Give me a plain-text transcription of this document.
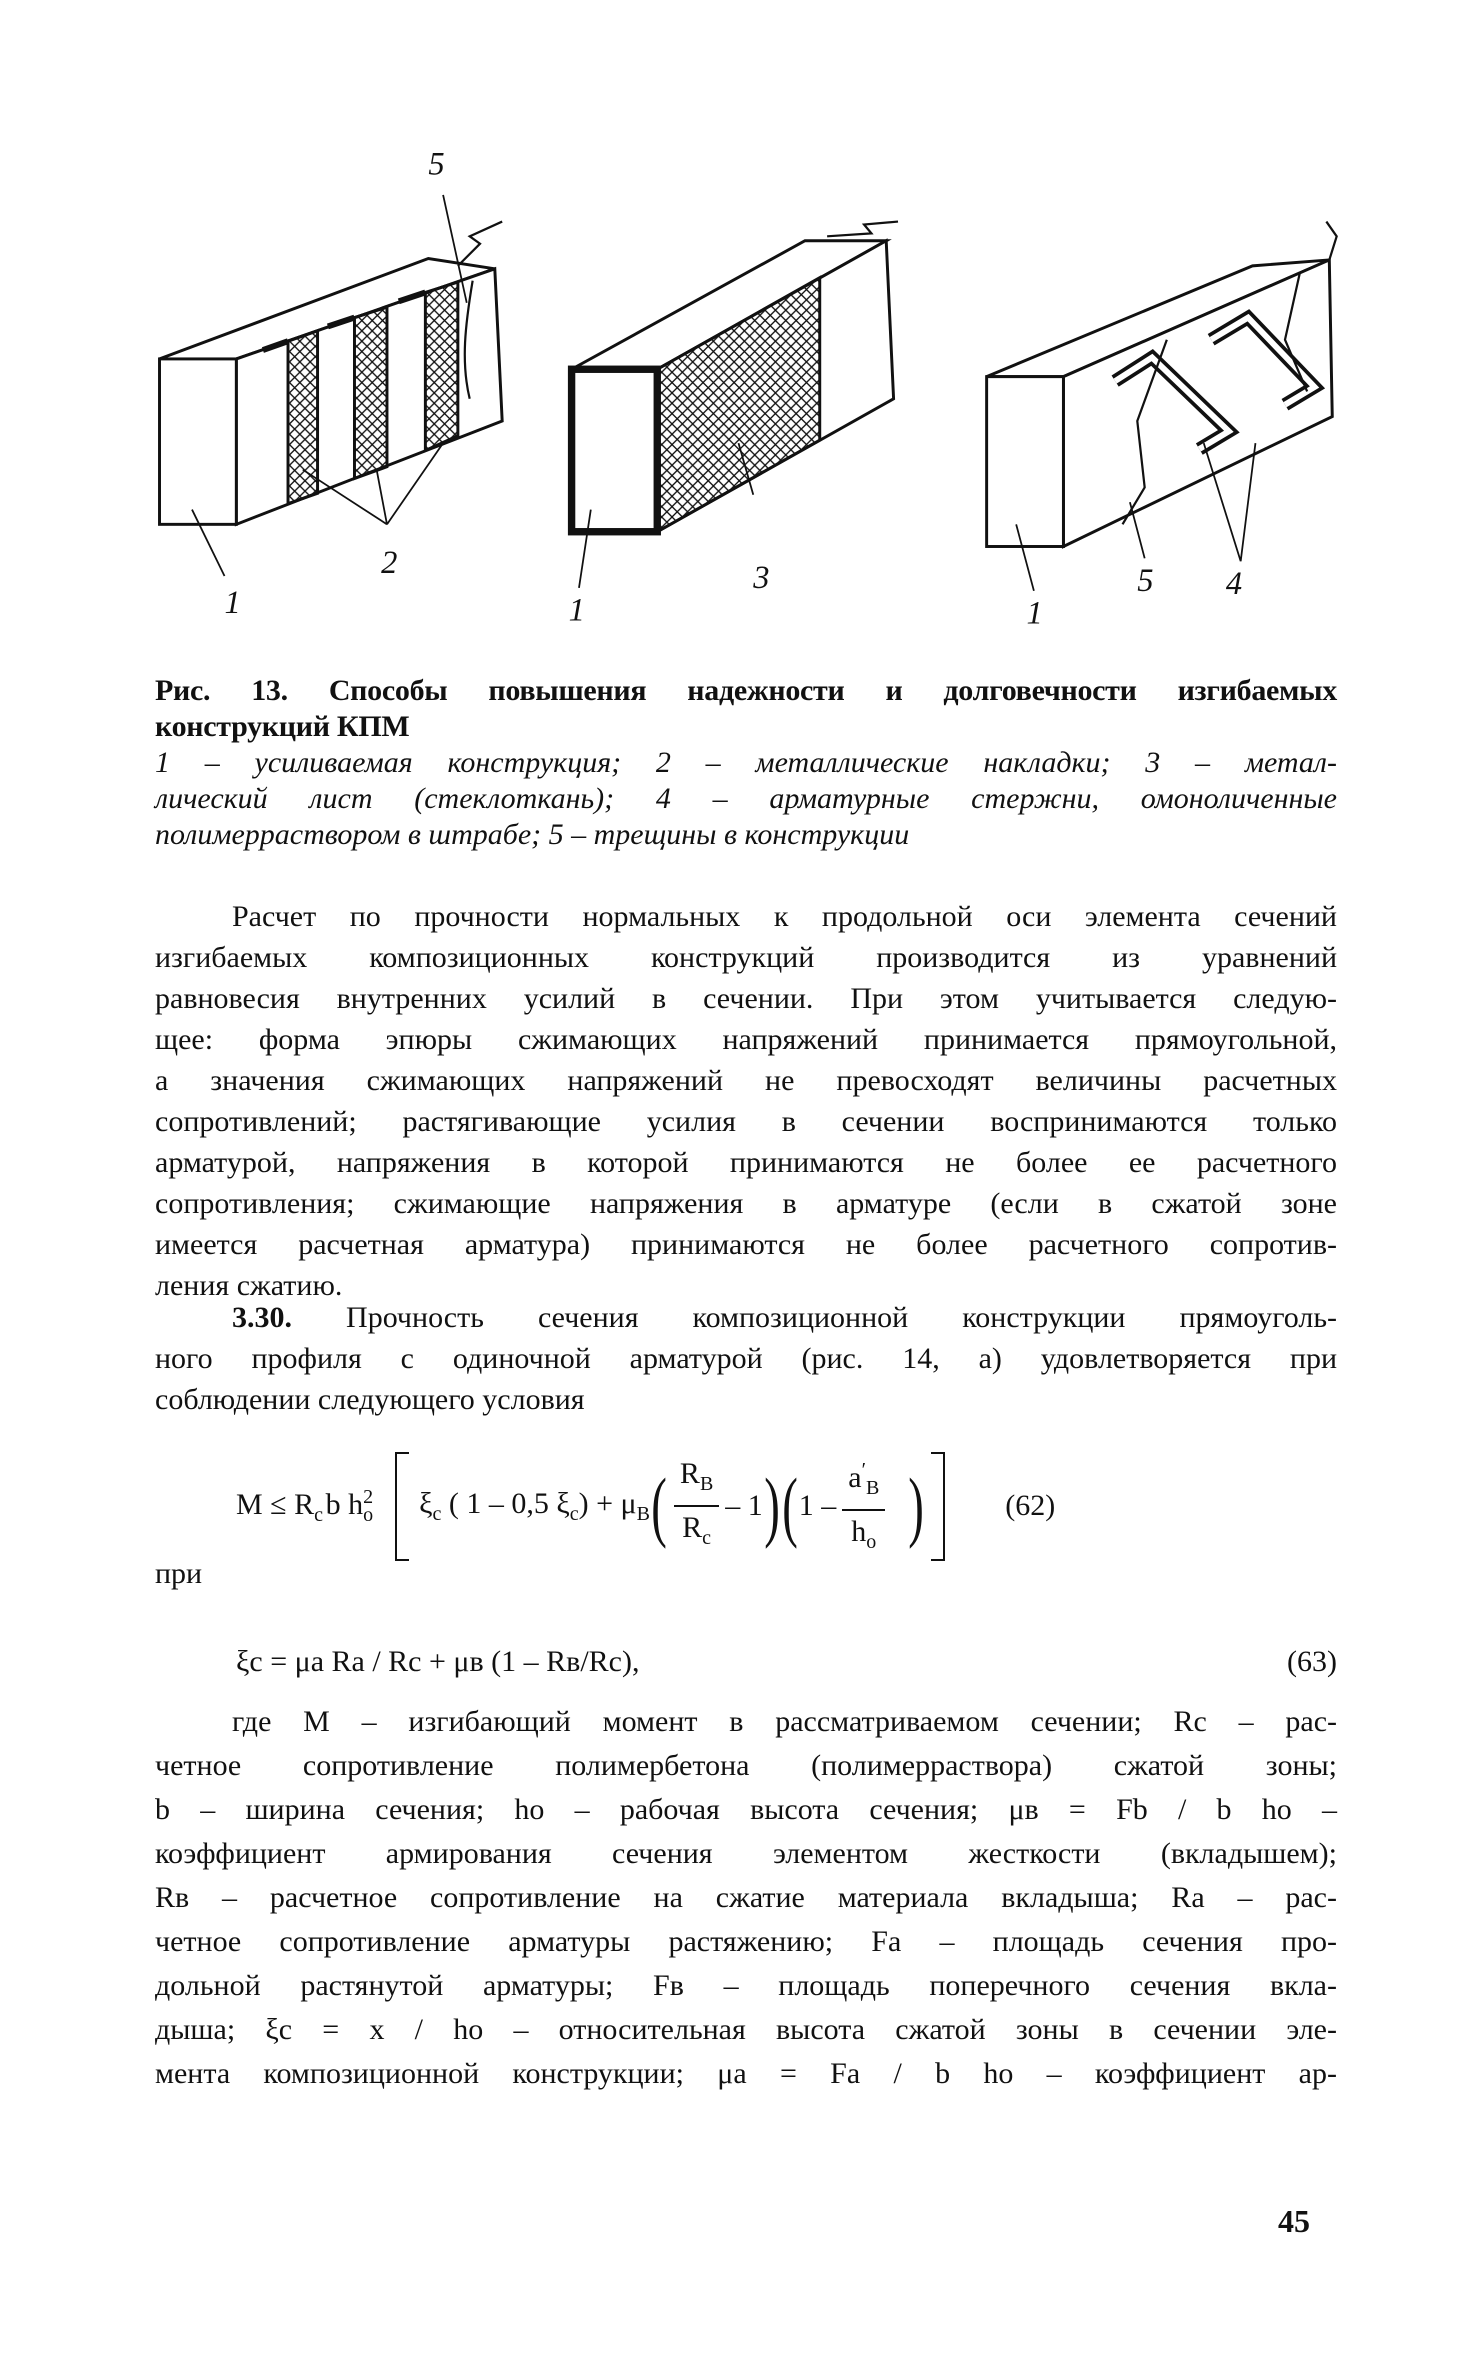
5
2
1
3
1
5	4
1
Рис. 13. Способы повышения надежности и долговечности изгибаемых
конструкций КПМ
1 – усиливаемая конструкция; 2 – металлические накладки; 3 – метал-
лический лист (стеклоткань); 4 – арматурные стержни, омоноличенные
полимерраствором в штрабе; 5 – трещины в конструкции
Расчет по прочности нормальных к продольной оси элемента сечений
изгибаемых композиционных конструкций производится из уравнений
равновесия внутренних усилий в сечении. При этом учитывается следую-
щее: форма эпюры сжимающих напряжений принимается прямоугольной,
а значения сжимающих напряжений не превосходят величины расчетных
сопротивлений; растягивающие усилия в сечении воспринимаются только
арматурой, напряжения в которой принимаются не более ее расчетного
сопротивления; сжимающие напряжения в арматуре (если в сжатой зоне
имеется расчетная арматура) принимаются не более расчетного сопротив-
ления сжатию.
3.30. Прочность сечения композиционной конструкции прямоуголь-
ного профиля с одиночной арматурой (рис. 14, а) удовлетворяется при
соблюдении следующего условия
$M \le R_c$ b $h^2_o$ $\xi_c$ ( 1 – 0,5 $\xi_c) + \mu_B$ ( $\frac{R_B}{R_c} - 1$ ) ( $1 - \frac{a'_B}{h_o}$ )	(62)
при
ξc = μa Ra / Rc + μв (1 – Rв/Rc),	(63)
где М – изгибающий момент в рассматриваемом сечении; Rc – рас-
четное сопротивление полимербетона (полимерраствора) сжатой зоны;
b – ширина сечения; ho – рабочая высота сечения; μв = Fb / b ho –
коэффициент армирования сечения элементом жесткости (вкладышем);
Rв – расчетное сопротивление на сжатие материала вкладыша; Ra – рас-
четное сопротивление арматуры растяжению; Fa – площадь сечения про-
дольной растянутой арматуры; Fв – площадь поперечного сечения вкла-
дыша; ξc = x / ho – относительная высота сжатой зоны в сечении эле-
мента композиционной конструкции; μa = Fa / b ho – коэффициент ар-
45
